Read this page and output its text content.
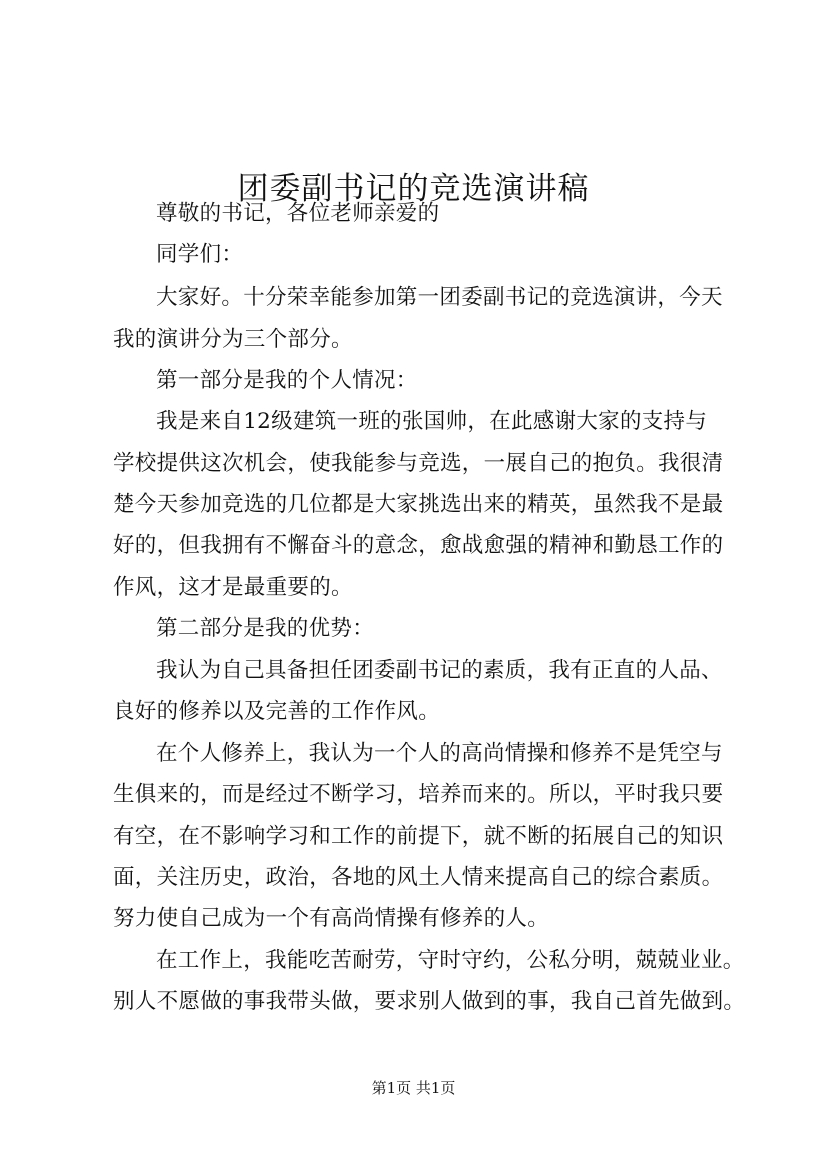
团委副书记的竞选演讲稿
尊敬的书记，各位老师亲爱的
同学们：
大家好。十分荣幸能参加第一团委副书记的竞选演讲，今天
我的演讲分为三个部分。
第一部分是我的个人情况：
我是来自12级建筑一班的张国帅，在此感谢大家的支持与
学校提供这次机会，使我能参与竞选，一展自己的抱负。我很清
楚今天参加竞选的几位都是大家挑选出来的精英，虽然我不是最
好的，但我拥有不懈奋斗的意念，愈战愈强的精神和勤恳工作的
作风，这才是最重要的。
第二部分是我的优势：
我认为自己具备担任团委副书记的素质，我有正直的人品、
良好的修养以及完善的工作作风。
在个人修养上，我认为一个人的高尚情操和修养不是凭空与
生俱来的，而是经过不断学习，培养而来的。所以，平时我只要
有空，在不影响学习和工作的前提下，就不断的拓展自己的知识
面，关注历史，政治，各地的风土人情来提高自己的综合素质。
努力使自己成为一个有高尚情操有修养的人。
在工作上，我能吃苦耐劳，守时守约，公私分明，兢兢业业。
别人不愿做的事我带头做，要求别人做到的事，我自己首先做到。
第1页 共1页
